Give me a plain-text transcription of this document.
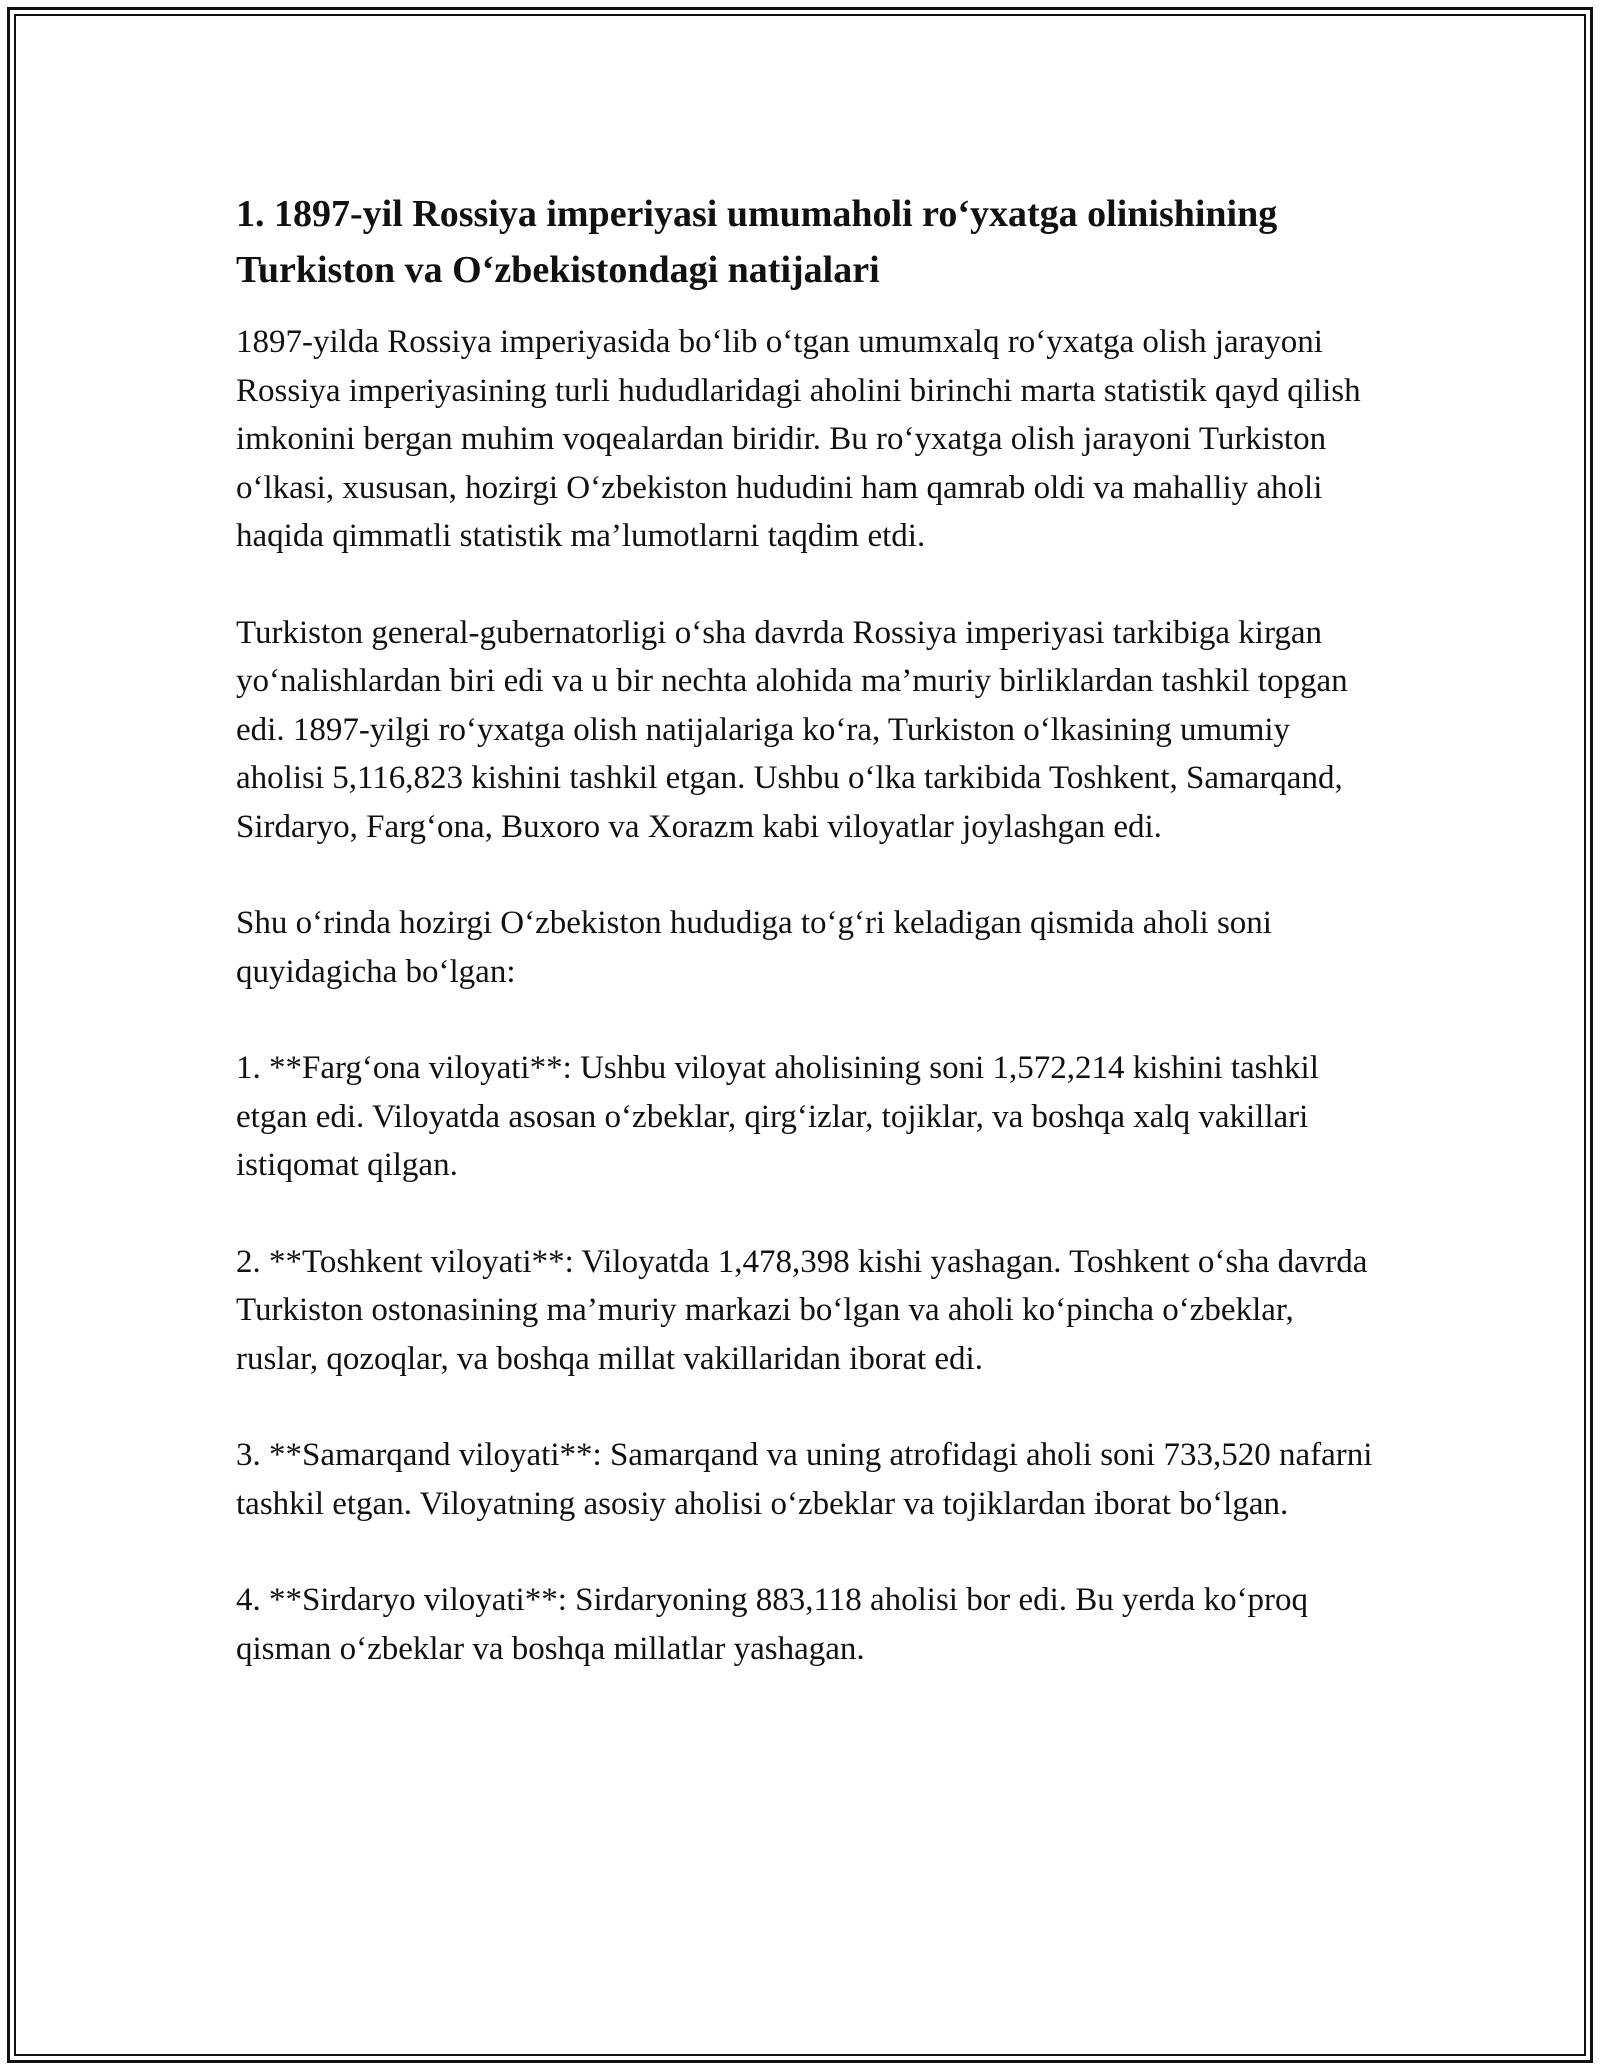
1. 1897-yil Rossiya imperiyasi umumaholi ro‘yxatga olinishining Turkiston va O‘zbekistondagi natijalari

1897-yilda Rossiya imperiyasida bo‘lib o‘tgan umumxalq ro‘yxatga olish jarayoni Rossiya imperiyasining turli hududlaridagi aholini birinchi marta statistik qayd qilish imkonini bergan muhim voqealardan biridir. Bu ro‘yxatga olish jarayoni Turkiston o‘lkasi, xususan, hozirgi O‘zbekiston hududini ham qamrab oldi va mahalliy aholi haqida qimmatli statistik ma’lumotlarni taqdim etdi.

Turkiston general-gubernatorligi o‘sha davrda Rossiya imperiyasi tarkibiga kirgan yo‘nalishlardan biri edi va u bir nechta alohida ma’muriy birliklardan tashkil topgan edi. 1897-yilgi ro‘yxatga olish natijalariga ko‘ra, Turkiston o‘lkasining umumiy aholisi 5,116,823 kishini tashkil etgan. Ushbu o‘lka tarkibida Toshkent, Samarqand, Sirdaryo, Farg‘ona, Buxoro va Xorazm kabi viloyatlar joylashgan edi.

Shu o‘rinda hozirgi O‘zbekiston hududiga to‘g‘ri keladigan qismida aholi soni quyidagicha bo‘lgan:

1. **Farg‘ona viloyati**: Ushbu viloyat aholisining soni 1,572,214 kishini tashkil etgan edi. Viloyatda asosan o‘zbeklar, qirg‘izlar, tojiklar, va boshqa xalq vakillari istiqomat qilgan.

2. **Toshkent viloyati**: Viloyatda 1,478,398 kishi yashagan. Toshkent o‘sha davrda Turkiston ostonasining ma’muriy markazi bo‘lgan va aholi ko‘pincha o‘zbeklar, ruslar, qozoqlar, va boshqa millat vakillaridan iborat edi.

3. **Samarqand viloyati**: Samarqand va uning atrofidagi aholi soni 733,520 nafarni tashkil etgan. Viloyatning asosiy aholisi o‘zbeklar va tojiklardan iborat bo‘lgan.

4. **Sirdaryo viloyati**: Sirdaryoning 883,118 aholisi bor edi. Bu yerda ko‘proq qisman o‘zbeklar va boshqa millatlar yashagan.
